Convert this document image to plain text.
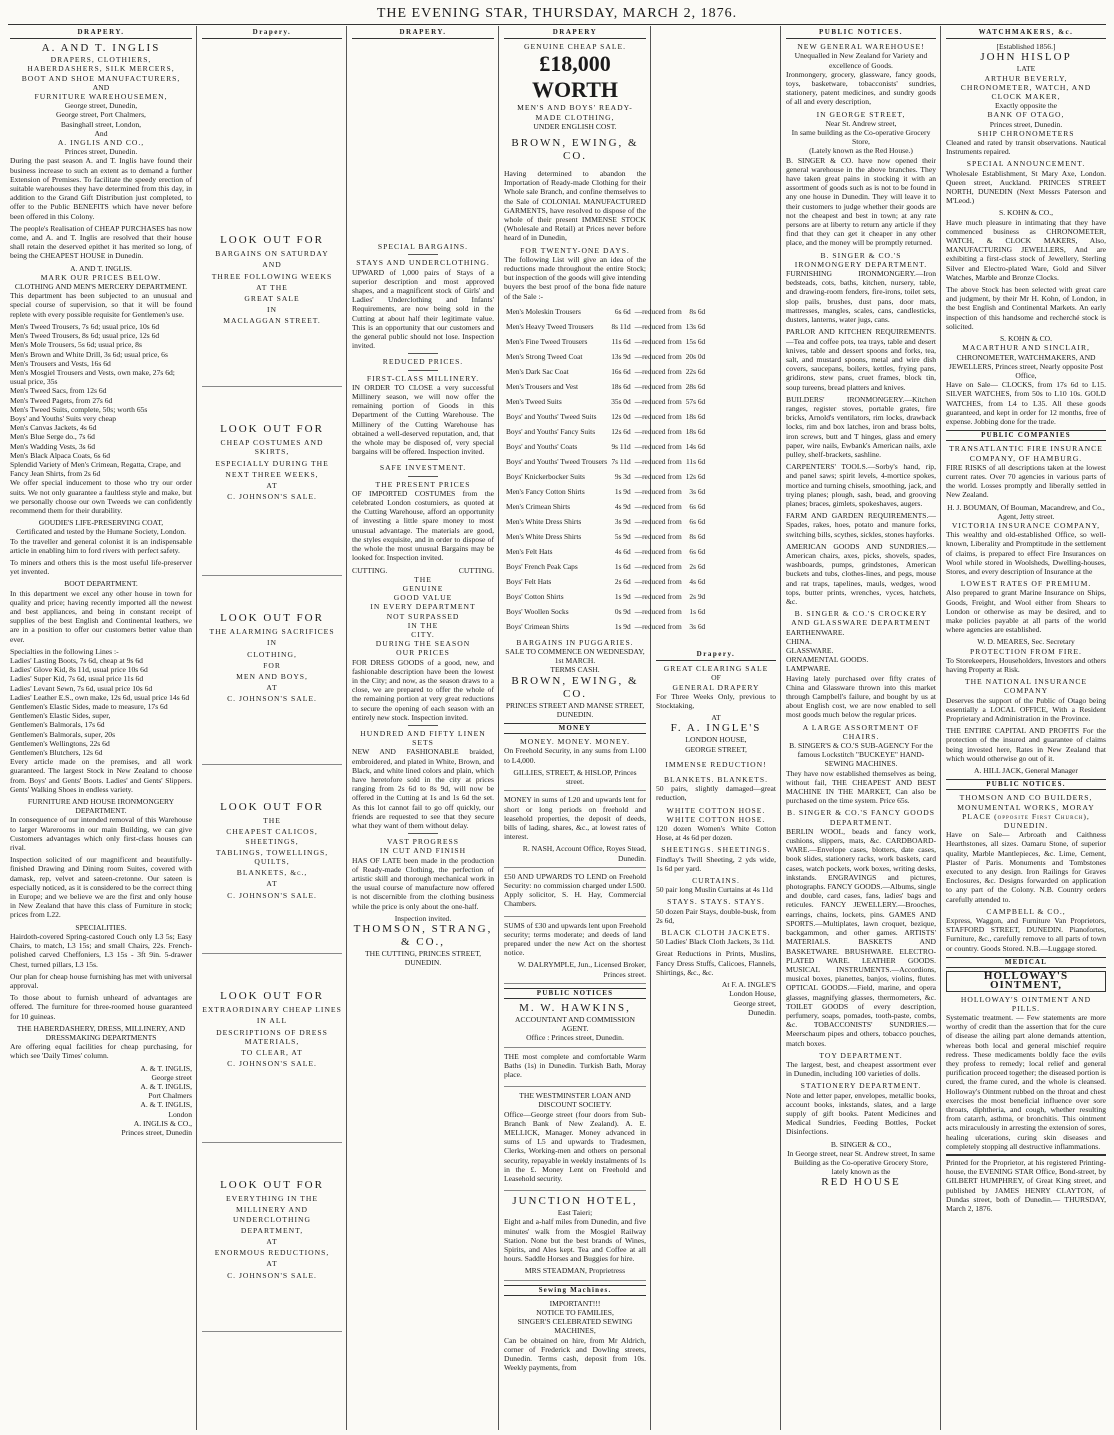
THE EVENING STAR, THURSDAY, MARCH 2, 1876.
DRAPERY.
A. AND T. INGLIS
DRAPERS, CLOTHIERS,
HABERDASHERS, SILK MERCERS,
BOOT AND SHOE MANUFACTURERS,
AND
FURNITURE WAREHOUSEMEN,
George street, Dunedin,
George street, Port Chalmers,
Basinghall street, London,
And
A. INGLIS AND CO.,
Princes street, Dunedin.

During the past season A. and T. Inglis have found their business increase to such an extent as to demand a further Extension of Premises. To facilitate the speedy erection of suitable warehouses they have determined from this day, in addition to the Grand Gift Distribution just completed, to offer to the Public BENEFITS which have never before been offered in this Colony.

The people's Realisation of CHEAP PURCHASES has now come, and A. and T. Inglis are resolved that their house shall retain the deserved epithet it has merited so long, of being the CHEAPEST HOUSE in Dunedin.

A. AND T. INGLIS.
MARK OUR PRICES BELOW.
CLOTHING AND MEN'S MERCERY DEPARTMENT.

This department has been subjected to an unusual and special course of supervision, so that it will be found replete with every possible requisite for Gentlemen's use.

Men's Tweed Trousers, 7s 6d; usual price, 10s 6d
Men's Tweed Trousers, 8s 6d; usual price, 12s 6d
Men's Mole Trousers, 5s 6d; usual price, 8s
Men's Brown and White Drill, 3s 6d; usual price, 6s
Men's Trousers and Vests, 16s 6d
Men's Mosgiel Trousers and Vests, own make, 27s 6d; usual price, 35s
Men's Tweed Sacs, from 12s 6d
Men's Tweed Pagets, from 27s 6d
Men's Tweed Suits, complete, 50s; worth 65s
Boys' and Youths' Suits very cheap
Men's Canvas Jackets, 4s 6d
Men's Blue Serge do., 7s 6d
Men's Wadding Vests, 3s 6d
Men's Black Alpaca Coats, 6s 6d
Splendid Variety of Men's Crimean, Regatta, Crape, and Fancy Jean Shirts, from 2s 6d

We offer special inducement to those who try our order suits. We not only guarantee a faultless style and make, but we personally choose our own Tweeds we can confidently recommend them for their durability.

GOUDIE'S LIFE-PRESERVING COAT,
Certificated and tested by the Humane Society, London.

To the traveller and general colonist it is an indispensable article in enabling him to ford rivers with perfect safety.

To miners and others this is the most useful life-preserver yet invented.

BOOT DEPARTMENT.

In this department we excel any other house in town for quality and price; having recently imported all the newest and best appliances, and being in constant receipt of supplies of the best English and Continental leathers, we are in a position to offer our customers better value than ever.

Specialties in the following Lines :-
Ladies' Lasting Boots, 7s 6d, cheap at 9s 6d
Ladies' Glove Kid, 8s 11d, usual price 10s 6d
Ladies' Super Kid, 7s 6d, usual price 11s 6d
Ladies' Levant Sewn, 7s 6d, usual price 10s 6d
Ladies' Leather E.S., own make, 12s 6d, usual price 14s 6d
Gentlemen's Elastic Sides, made to measure, 17s 6d
Gentlemen's Elastic Sides, super,
Gentlemen's Balmorals, 17s 6d
Gentlemen's Balmorals, super, 20s
Gentlemen's Wellingtons, 22s 6d
Gentlemen's Blutchers, 12s 6d

Every article made on the premises, and all work guaranteed. The largest Stock in New Zealand to choose from. Boys' and Gents' Boots. Ladies' and Gents' Slippers. Gents' Walking Shoes in endless variety.

FURNITURE AND HOUSE IRONMONGERY DEPARTMENT.

In consequence of our intended removal of this Warehouse to larger Warerooms in our main Building, we can give Customers advantages which only first-class houses can rival.

Inspection solicited of our magnificent and beautifully-finished Drawing and Dining room Suites, covered with damask, rep, velvet and sateen-cretonne. Our sateen is especially noticed, as it is considered to be the correct thing in Europe; and we believe we are the first and only house in New Zealand that have this class of Furniture in stock; prices from L22.

SPECIALITIES.

Hairdoth-covered Spring-castored Couch only L3 5s; Easy Chairs, to match, L3 15s; and small Chairs, 22s. French-polished carved Cheffoniers, L3 15s - 3ft 9in. 5-drawer Chest, turned pillars, L3 15s.

Our plan for cheap house furnishing has met with universal approval.

To those about to furnish unheard of advantages are offered. The furniture for three-roomed house guaranteed for 10 guineas.

THE HABERDASHERY, DRESS, MILLINERY, AND DRESSMAKING DEPARTMENTS

Are offering equal facilities for cheap purchasing, for which see 'Daily Times' column.

A. & T. INGLIS,
George street
A. & T. INGLIS,
Port Chalmers
A. & T. INGLIS,
London
A. INGLIS & CO.,
Princes street, Dunedin
Drapery.
LOOK OUT FOR
BARGAINS ON SATURDAY
AND
THREE FOLLOWING WEEKS
AT THE
GREAT SALE
IN
MACLAGGAN STREET.
LOOK OUT FOR
CHEAP COSTUMES AND SKIRTS,
ESPECIALLY DURING THE
NEXT THREE WEEKS,
AT
C. JOHNSON'S SALE.
LOOK OUT FOR
THE ALARMING SACRIFICES
IN
CLOTHING,
FOR
MEN AND BOYS,
AT
C. JOHNSON'S SALE.
LOOK OUT FOR
THE
CHEAPEST CALICOS, SHEETINGS,
TABLINGS, TOWELLINGS, QUILTS,
BLANKETS, &c.,
AT
C. JOHNSON'S SALE.
LOOK OUT FOR
EXTRAORDINARY CHEAP LINES
IN ALL
DESCRIPTIONS OF DRESS MATERIALS,
TO CLEAR, AT
C. JOHNSON'S SALE.
LOOK OUT FOR
EVERYTHING IN THE
MILLINERY AND UNDERCLOTHING
DEPARTMENT,
AT
ENORMOUS REDUCTIONS,
AT
C. JOHNSON'S SALE.
DRAPERY.
SPECIAL BARGAINS.
STAYS AND UNDERCLOTHING.

UPWARD of 1,000 pairs of Stays of a superior description and most approved shapes, and a magnificent stock of Girls' and Ladies' Underclothing and Infants' Requirements, are now being sold in the Cutting at about half their legitimate value. This is an opportunity that our customers and the general public should not lose. Inspection invited.

REDUCED PRICES.
FIRST-CLASS MILLINERY.

IN ORDER TO CLOSE a very successful Millinery season, we will now offer the remaining portion of Goods in this Department of the Cutting Warehouse. The Millinery of the Cutting Warehouse has obtained a well-deserved reputation, and, that the whole may be disposed of, very special bargains will be offered. Inspection invited.

SAFE INVESTMENT.
THE PRESENT PRICES

OF IMPORTED COSTUMES from the celebrated London costumiers, as quoted at the Cutting Warehouse, afford an opportunity of investing a little spare money to most unusual advantage. The materials are good, the styles exquisite, and in order to dispose of the whole the most unusual Bargains may be looked for. Inspection invited.

CUTTING.	CUTTING.
THE
GENUINE
GOOD VALUE
IN EVERY DEPARTMENT
NOT SURPASSED
IN THE
CITY.
DURING THE SEASON
OUR PRICES

FOR DRESS GOODS of a good, new, and fashionable description have been the lowest in the City; and now, as the season draws to a close, we are prepared to offer the whole of the remaining portion at very great reductions to secure the opening of each season with an entirely new stock. Inspection invited.

HUNDRED AND FIFTY LINEN SETS

NEW AND FASHIONABLE braided, embroidered, and plated in White, Brown, and Black, and white lined colors and plain, which have heretofore sold in the city at prices ranging from 2s 6d to 8s 9d, will now be offered in the Cutting at 1s and 1s 6d the set. As this lot cannot fail to go off quickly, our friends are requested to see that they secure what they want of them without delay.

VAST PROGRESS
IN CUT AND FINISH

HAS OF LATE been made in the production of Ready-made Clothing, the perfection of artistic skill and thorough mechanical work in the usual course of manufacture now offered is not discernible from the clothing business while the price is only about the one-half.

Inspection invited.
THOMSON, STRANG, & CO.,
THE CUTTING, PRINCES STREET,
DUNEDIN.
DRAPERY
GENUINE CHEAP SALE.
£18,000 WORTH
MEN'S AND BOYS' READY-MADE CLOTHING,
UNDER ENGLISH COST.
BROWN, EWING, & CO.

Having determined to abandon the Importation of Ready-made Clothing for their Whole sale Branch, and confine themselves to the Sale of COLONIAL MANUFACTURED GARMENTS, have resolved to dispose of the whole of their present IMMENSE STOCK (Wholesale and Retail) at Prices never before heard of in Dunedin,

FOR TWENTY-ONE DAYS.

The following List will give an idea of the reductions made throughout the entire Stock; but inspection of the goods will give intending buyers the best proof of the bona fide nature of the Sale :-

Men's Moleskin Trousers	6s 6d	—reduced from	8s 6d
Men's Heavy Tweed Trousers	8s 11d	—reduced from	13s 6d
Men's Fine Tweed Trousers	11s 6d	—reduced from	15s 6d
Men's Strong Tweed Coat	13s 9d	—reduced from	20s 0d
Men's Dark Sac Coat	16s 6d	—reduced from	22s 6d
Men's Trousers and Vest	18s 6d	—reduced from	28s 6d
Men's Tweed Suits	35s 0d	—reduced from	57s 6d
Boys' and Youths' Tweed Suits	12s 0d	—reduced from	18s 6d
Boys' and Youths' Fancy Suits	12s 6d	—reduced from	18s 6d
Boys' and Youths' Coats	9s 11d	—reduced from	14s 6d
Boys' and Youths' Tweed Trousers	7s 11d	—reduced from	11s 6d
Boys' Knickerbocker Suits	9s 3d	—reduced from	12s 6d
Men's Fancy Cotton Shirts	1s 9d	—reduced from	3s 6d
Men's Crimean Shirts	4s 9d	—reduced from	6s 6d
Men's White Dress Shirts	3s 9d	—reduced from	6s 6d
Men's White Dress Shirts	5s 9d	—reduced from	8s 6d
Men's Felt Hats	4s 6d	—reduced from	6s 6d
Boys' French Peak Caps	1s 6d	—reduced from	2s 6d
Boys' Felt Hats	2s 6d	—reduced from	4s 6d
Boys' Cotton Shirts	1s 9d	—reduced from	2s 9d
Boys' Woollen Socks	0s 9d	—reduced from	1s 6d
Boys' Crimean Shirts	1s 9d	—reduced from	3s 6d
BARGAINS IN PUGGARIES.
SALE TO COMMENCE ON WEDNESDAY, 1st MARCH.
TERMS CASH.
BROWN, EWING, & CO.
PRINCES STREET AND MANSE STREET, DUNEDIN.
MONEY
MONEY. MONEY. MONEY.

On Freehold Security, in any sums from L100 to L4,000.

GILLIES, STREET, & HISLOP, Princes street.

MONEY in sums of L20 and upwards lent for short or long periods on freehold and leasehold properties, the deposit of deeds, bills of lading, shares, &c., at lowest rates of interest.

R. NASH, Account Office, Royes Stead, Dunedin.

£50 AND UPWARDS TO LEND on Freehold Security: no commission charged under L500. Apply solicitor, S. H. Hay, Commercial Chambers.

SUMS of £30 and upwards lent upon Freehold security; terms moderate; and deeds of land prepared under the new Act on the shortest notice.

W. DALRYMPLE, Jun., Licensed Broker, Princes street.
PUBLIC NOTICES
M. W. HAWKINS,
ACCOUNTANT AND COMMISSION AGENT.
Office : Princes street, Dunedin.

THE most complete and comfortable Warm Baths (1s) in Dunedin. Turkish Bath, Moray place.

THE WESTMINSTER LOAN AND DISCOUNT SOCIETY.

Office—George street (four doors from Sub-Branch Bank of New Zealand). A. E. MELLICK, Manager. Money advanced in sums of L5 and upwards to Tradesmen, Clerks, Working-men and others on personal security, repayable in weekly instalments of 1s in the £. Money Lent on Freehold and Leasehold security.

JUNCTION HOTEL,
East Taieri;

Eight and a-half miles from Dunedin, and five minutes' walk from the Mosgiel Railway Station. None but the best brands of Wines, Spirits, and Ales kept. Tea and Coffee at all hours. Saddle Horses and Buggies for hire.

MRS STEADMAN, Proprietress
Sewing Machines.
IMPORTANT!!!
NOTICE TO FAMILIES,
SINGER'S CELEBRATED SEWING MACHINES,

Can be obtained on hire, from Mr Aldrich, corner of Frederick and Dowling streets, Dunedin. Terms cash, deposit from 10s. Weekly payments, from

Drapery.
GREAT CLEARING SALE
OF
GENERAL DRAPERY

For Three Weeks Only, previous to Stocktaking,

AT
F. A. INGLE'S
LONDON HOUSE,
GEORGE STREET,
IMMENSE REDUCTION!
BLANKETS. BLANKETS.

50 pairs, slightly damaged—great reduction,

WHITE COTTON HOSE. WHITE COTTON HOSE.

120 dozen Women's White Cotton Hose, at 4s 6d per dozen.

SHEETINGS. SHEETINGS.

Findlay's Twill Sheeting, 2 yds wide, 1s 6d per yard.

CURTAINS.

50 pair long Muslin Curtains at 4s 11d

STAYS. STAYS. STAYS.

50 dozen Pair Stays, double-busk, from 2s 6d,

BLACK CLOTH JACKETS.

50 Ladies' Black Cloth Jackets, 3s 11d.

Great Reductions in Prints, Muslins, Fancy Dress Stuffs, Calicoes, Flannels, Shirtings, &c., &c.

At F. A. INGLE'S
London House,
George street,
Dunedin.
PUBLIC NOTICES.
NEW GENERAL WAREHOUSE!
Unequalled in New Zealand for Variety and excellence of Goods.

Ironmongery, grocery, glassware, fancy goods, toys, basketware, tobacconists' sundries, stationery, patent medicines, and sundry goods of all and every description,

IN GEORGE STREET,
Near St. Andrew street,
In same building as the Co-operative Grocery Store,
(Lately known as the Red House.)

B. SINGER & CO. have now opened their general warehouse in the above branches. They have taken great pains in stocking it with an assortment of goods such as is not to be found in any one house in Dunedin. They will leave it to their customers to judge whether their goods are not the cheapest and best in town; at any rate persons are at liberty to return any article if they find that they can get it cheaper in any other place, and the money will be promptly returned.

B. SINGER & CO.'S IRONMONGERY DEPARTMENT.

FURNISHING IRONMONGERY.—Iron bedsteads, cots, baths, kitchen, nursery, table, and drawing-room fenders, fire-irons, toilet sets, slop pails, brushes, dust pans, door mats, mattresses, mangles, scales, cans, candlesticks, dusters, lanterns, water jugs, cans.

PARLOR AND KITCHEN REQUIREMENTS.—Tea and coffee pots, tea trays, table and desert knives, table and dessert spoons and forks, tea, salt, and mustard spoons, metal and wire dish covers, saucepans, boilers, kettles, frying pans, gridirons, stew pans, cruet frames, block tin, soup tureens, bread platters and knives.

BUILDERS' IRONMONGERY.—Kitchen ranges, register stoves, portable grates, fire bricks, Arnold's ventilators, rim locks, drawback locks, rim and box latches, iron and brass bolts, iron screws, butt and T hinges, glass and emery paper, wire nails, Ewbank's American nails, axle pulley, shelf-brackets, sashline.

CARPENTERS' TOOLS.—Sorby's hand, rip, and panel saws; spirit levels, 4-mortice spokes, mortice and turning chisels, smoothing, jack, and trying planes; plough, sash, bead, and grooving planes; braces, gimlets, spokeshaves, augers.

FARM AND GARDEN REQUIREMENTS.—Spades, rakes, hoes, potato and manure forks, switching bills, scythes, sickles, stones hayforks.

AMERICAN GOODS AND SUNDRIES.—American chairs, axes, picks, shovels, spades, washboards, pumps, grindstones, American buckets and tubs, clothes-lines, and pegs, mouse and rat traps, tapelines, mauls, wedges, wood tops, butter prints, wrenches, vyces, hatchets, &c.

B. SINGER & CO.'S CROCKERY AND GLASSWARE DEPARTMENT
EARTHENWARE.
CHINA.
GLASSWARE.
ORNAMENTAL GOODS.
LAMPWARE.

Having lately purchased over fifty crates of China and Glassware thrown into this market through Campbell's failure, and bought by us at about English cost, we are now enabled to sell most goods much below the regular prices.

A LARGE ASSORTMENT OF CHAIRS.
B. SINGER'S & CO.'S SUB-AGENCY For the famous Lockstitch "BUCKEYE" HAND-SEWING MACHINES.

They have now established themselves as being, without fail, THE CHEAPEST AND BEST MACHINE IN THE MARKET, Can also be purchased on the time system. Price 65s.

B. SINGER & CO.'S FANCY GOODS DEPARTMENT.

BERLIN WOOL, beads and fancy work, cushions, slippers, mats, &c. CARDBOARD-WARE.—Envelope cases, blotters, date cases, book slides, stationery racks, work baskets, card cases, watch pockets, work boxes, writing desks, inkstands. ENGRAVINGS and pictures, photographs. FANCY GOODS.—Albums, single and double, card cases, fans, ladies' bags and reticules. FANCY JEWELLERY.—Brooches, earrings, chains, lockets, pins. GAMES AND SPORTS.—Multiplates, lawn croquet, bezique, backgammon, and other games. ARTISTS' MATERIALS. BASKETS AND BASKETWARE. BRUSHWARE. ELECTRO-PLATED WARE. LEATHER GOODS. MUSICAL INSTRUMENTS.—Accordions, musical boxes, pianettes, banjos, violins, flutes. OPTICAL GOODS.—Field, marine, and opera glasses, magnifying glasses, thermometers, &c. TOILET GOODS of every description, perfumery, soaps, pomades, tooth-paste, combs, &c. TOBACCONISTS' SUNDRIES.—Meerschaum pipes and others, tobacco pouches, match boxes.

TOY DEPARTMENT.

The largest, best, and cheapest assortment ever in Dunedin, including 100 varieties of dolls.

STATIONERY DEPARTMENT.

Note and letter paper, envelopes, metallic books, account books, inkstands, slates, and a large supply of gift books. Patent Medicines and Medical Sundries, Feeding Bottles, Pocket Disinfections.

B. SINGER & CO.,
In George street, near St. Andrew street, In same Building as the Co-operative Grocery Store, lately known as the
RED HOUSE
WATCHMAKERS, &c.
[Established 1856.]
JOHN HISLOP
LATE
ARTHUR BEVERLY,
CHRONOMETER, WATCH, AND CLOCK MAKER,
Exactly opposite the
BANK OF OTAGO,
Princes street, Dunedin.
SHIP CHRONOMETERS

Cleaned and rated by transit observations. Nautical Instruments repaired.

SPECIAL ANNOUNCEMENT.

Wholesale Establishment, St Mary Axe, London. Queen street, Auckland. PRINCES STREET NORTH, DUNEDIN (Next Messrs Paterson and M'Leod.)

S. KOHN & CO.,

Have much pleasure in intimating that they have commenced business as CHRONOMETER, WATCH, & CLOCK MAKERS, Also, MANUFACTURING JEWELLERS, And are exhibiting a first-class stock of Jewellery, Sterling Silver and Electro-plated Ware, Gold and Silver Watches, Marble and Bronze Clocks.

The above Stock has been selected with great care and judgment, by their Mr H. Kohn, of London, in the best English and Continental Markets. An early inspection of this handsome and recherché stock is solicited.

S. KOHN & CO.
MACARTHUR AND SINCLAIR,
CHRONOMETER, WATCHMAKERS, AND JEWELLERS, Princes street, Nearly opposite Post Office,

Have on Sale— CLOCKS, from 17s 6d to L15. SILVER WATCHES, from 50s to L10 10s. GOLD WATCHES, from L4 to L35. All these goods guaranteed, and kept in order for 12 months, free of expense. Jobbing done for the trade.

PUBLIC COMPANIES
TRANSATLANTIC FIRE INSURANCE COMPANY, OF HAMBURG.

FIRE RISKS of all descriptions taken at the lowest current rates. Over 70 agencies in various parts of the world. Losses promptly and liberally settled in New Zealand.

H. J. BOUMAN, Of Bouman, Macandrew, and Co., Agent, Jetty street.
VICTORIA INSURANCE COMPANY,

This wealthy and old-established Office, so well-known, Liberality and Promptitude in the settlement of claims, is prepared to effect Fire Insurances on Wool while stored in Woolsheds, Dwelling-houses, Stores, and every description of Insurance at the

LOWEST RATES OF PREMIUM.

Also prepared to grant Marine Insurance on Ships, Goods, Freight, and Wool either from Shears to London or otherwise as may be desired, and to make policies payable at all parts of the world where agencies are established.

W. D. MEARES, Sec. Secretary
PROTECTION FROM FIRE.

To Storekeepers, Householders, Investors and others having Property at Risk.

THE NATIONAL INSURANCE COMPANY

Deserves the support of the Public of Otago being essentially a LOCAL OFFICE, With a Resident Proprietary and Administration in the Province.

THE ENTIRE CAPITAL AND PROFITS For the protection of the insured and guarantee of claims being invested here, Rates in New Zealand that which would otherwise go out of it.

A. HILL JACK, General Manager
PUBLIC NOTICES.
THOMSON AND CO BUILDERS, MONUMENTAL WORKS, MORAY PLACE (opposite First Church), DUNEDIN.

Have on Sale— Arbroath and Caithness Hearthstones, all sizes. Oamaru Stone, of superior quality, Marble Mantlepieces, &c. Lime, Cement, Plaster of Paris. Monuments and Tombstones executed to any design. Iron Railings for Graves Enclosures, &c. Designs forwarded on application to any part of the Colony. N.B. Country orders carefully attended to.

CAMPBELL & CO.,

Express, Waggon, and Furniture Van Proprietors, STAFFORD STREET, DUNEDIN. Pianofortes, Furniture, &c., carefully remove to all parts of town or country. Goods Stored. N.B.—Luggage stored.

MEDICAL
HOLLOWAY'S OINTMENT,
HOLLOWAY'S OINTMENT AND PILLS.

Systematic treatment. — Few statements are more worthy of credit than the assertion that for the cure of disease the ailing part alone demands attention, whereas both local and general mischief require redress. These medicaments boldly face the evils they profess to remedy; local relief and general purification proceed together; the diseased portion is cured, the frame cured, and the whole is cleansed. Holloway's Ointment rubbed on the throat and chest exercises the most beneficial influence over sore throats, diphtheria, and cough, whether resulting from catarrh, asthma, or bronchitis. This ointment acts miraculously in arresting the extension of sores, healing ulcerations, curing skin diseases and completely stopping all destructive inflammations.

Printed for the Proprietor, at his registered Printing-house, the EVENING STAR Office, Bond-street, by GILBERT HUMPHREY, of Great King street, and published by JAMES HENRY CLAYTON, of Dundas street, both of Dunedin.— THURSDAY, March 2, 1876.
